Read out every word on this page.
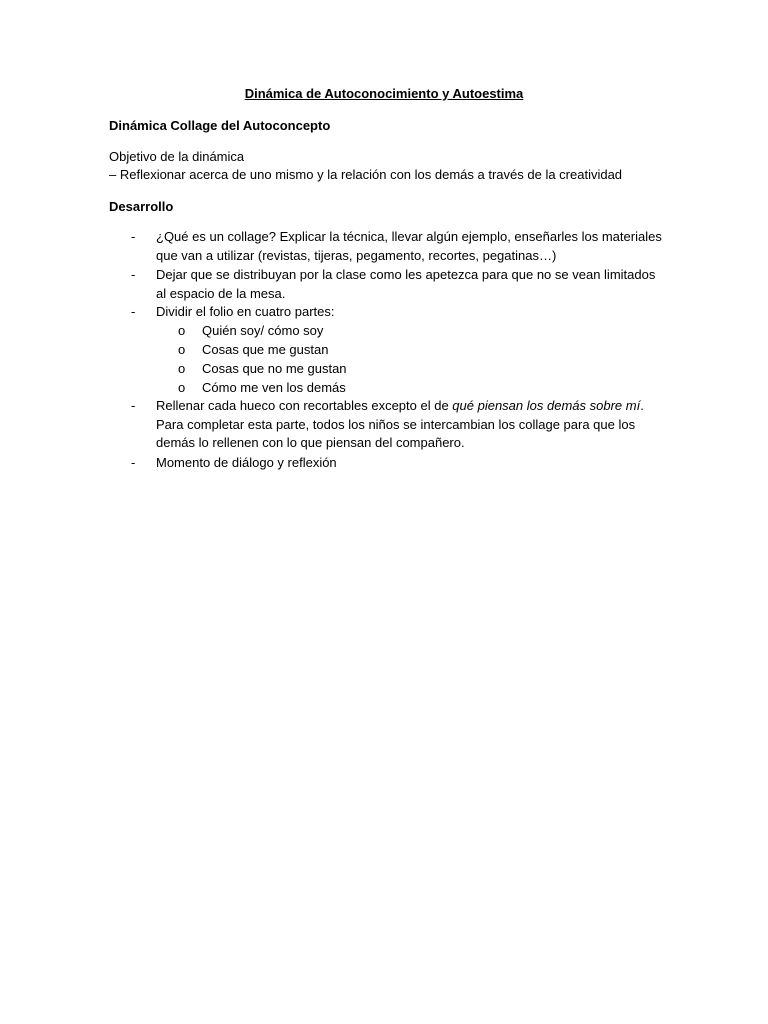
Dinámica de Autoconocimiento y Autoestima
Dinámica Collage del Autoconcepto
Objetivo de la dinámica
– Reflexionar acerca de uno mismo y la relación con los demás a través de la creatividad
Desarrollo
- ¿Qué es un collage? Explicar la técnica, llevar algún ejemplo, enseñarles los materiales
que van a utilizar (revistas, tijeras, pegamento, recortes, pegatinas…)
- Dejar que se distribuyan por la clase como les apetezca para que no se vean limitados
al espacio de la mesa.
- Dividir el folio en cuatro partes:
o Quién soy/ cómo soy
o Cosas que me gustan
o Cosas que no me gustan
o Cómo me ven los demás
- Rellenar cada hueco con recortables excepto el de qué piensan los demás sobre mí.
Para completar esta parte, todos los niños se intercambian los collage para que los
demás lo rellenen con lo que piensan del compañero.
- Momento de diálogo y reflexión
